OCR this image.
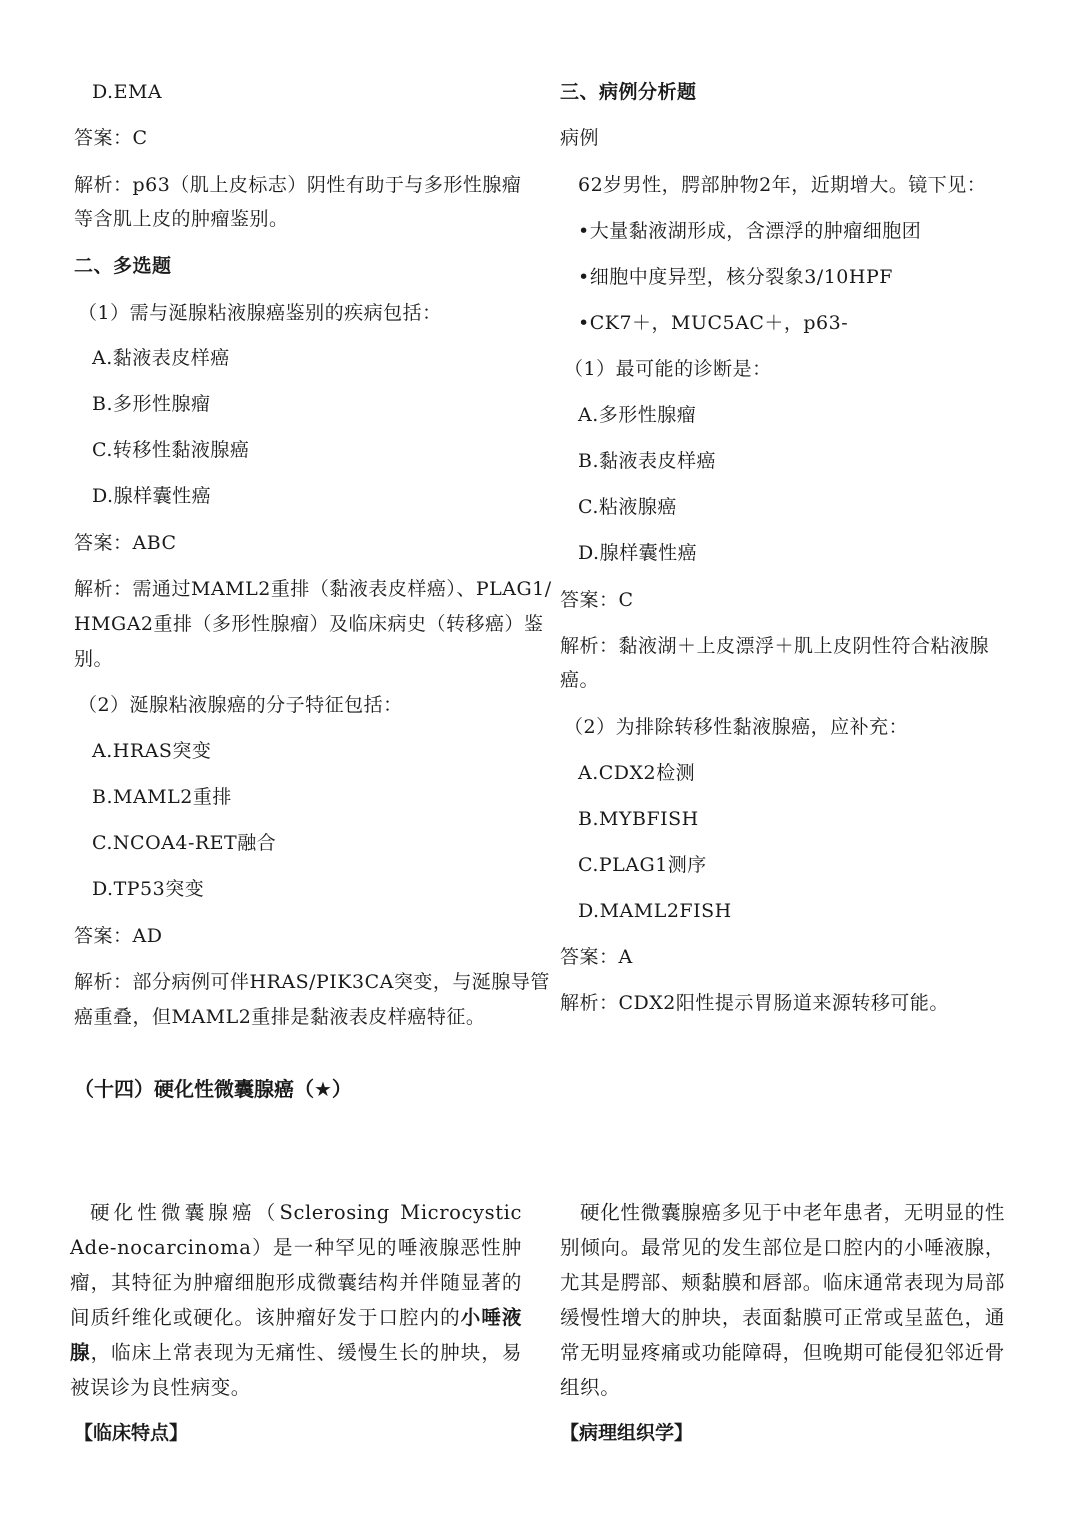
D.EMA

答案：C

解析：p63（肌上皮标志）阴性有助于与多形性腺瘤

等含肌上皮的肿瘤鉴别。

二、多选题

（1）需与涎腺粘液腺癌鉴别的疾病包括：

A.黏液表皮样癌

B.多形性腺瘤

C.转移性黏液腺癌

D.腺样囊性癌

答案：ABC

解析：需通过MAML2重排（黏液表皮样癌）、PLAG1/

HMGA2重排（多形性腺瘤）及临床病史（转移癌）鉴

别。

（2）涎腺粘液腺癌的分子特征包括：

A.HRAS突变

B.MAML2重排

C.NCOA4-RET融合

D.TP53突变

答案：AD

解析：部分病例可伴HRAS/PIK3CA突变，与涎腺导管

癌重叠，但MAML2重排是黏液表皮样癌特征。

三、病例分析题

病例

62岁男性，腭部肿物2年，近期增大。镜下见：

•大量黏液湖形成，含漂浮的肿瘤细胞团

•细胞中度异型，核分裂象3/10HPF

•CK7＋，MUC5AC＋，p63-

（1）最可能的诊断是：

A.多形性腺瘤

B.黏液表皮样癌

C.粘液腺癌

D.腺样囊性癌

答案：C

解析：黏液湖＋上皮漂浮＋肌上皮阴性符合粘液腺

癌。

（2）为排除转移性黏液腺癌，应补充：

A.CDX2检测

B.MYBFISH

C.PLAG1测序

D.MAML2FISH

答案：A

解析：CDX2阳性提示胃肠道来源转移可能。

（十四）硬化性微囊腺癌（★）

硬化性微囊腺癌（Sclerosing Microcystic Ade-nocarcinoma）是一种罕见的唾液腺恶性肿瘤，其特征为肿瘤细胞形成微囊结构并伴随显著的间质纤维化或硬化。该肿瘤好发于口腔内的小唾液腺，临床上常表现为无痛性、缓慢生长的肿块，易被误诊为良性病变。

硬化性微囊腺癌多见于中老年患者，无明显的性别倾向。最常见的发生部位是口腔内的小唾液腺，尤其是腭部、颊黏膜和唇部。临床通常表现为局部缓慢性增大的肿块，表面黏膜可正常或呈蓝色，通常无明显疼痛或功能障碍，但晚期可能侵犯邻近骨组织。

【临床特点】	【病理组织学】
